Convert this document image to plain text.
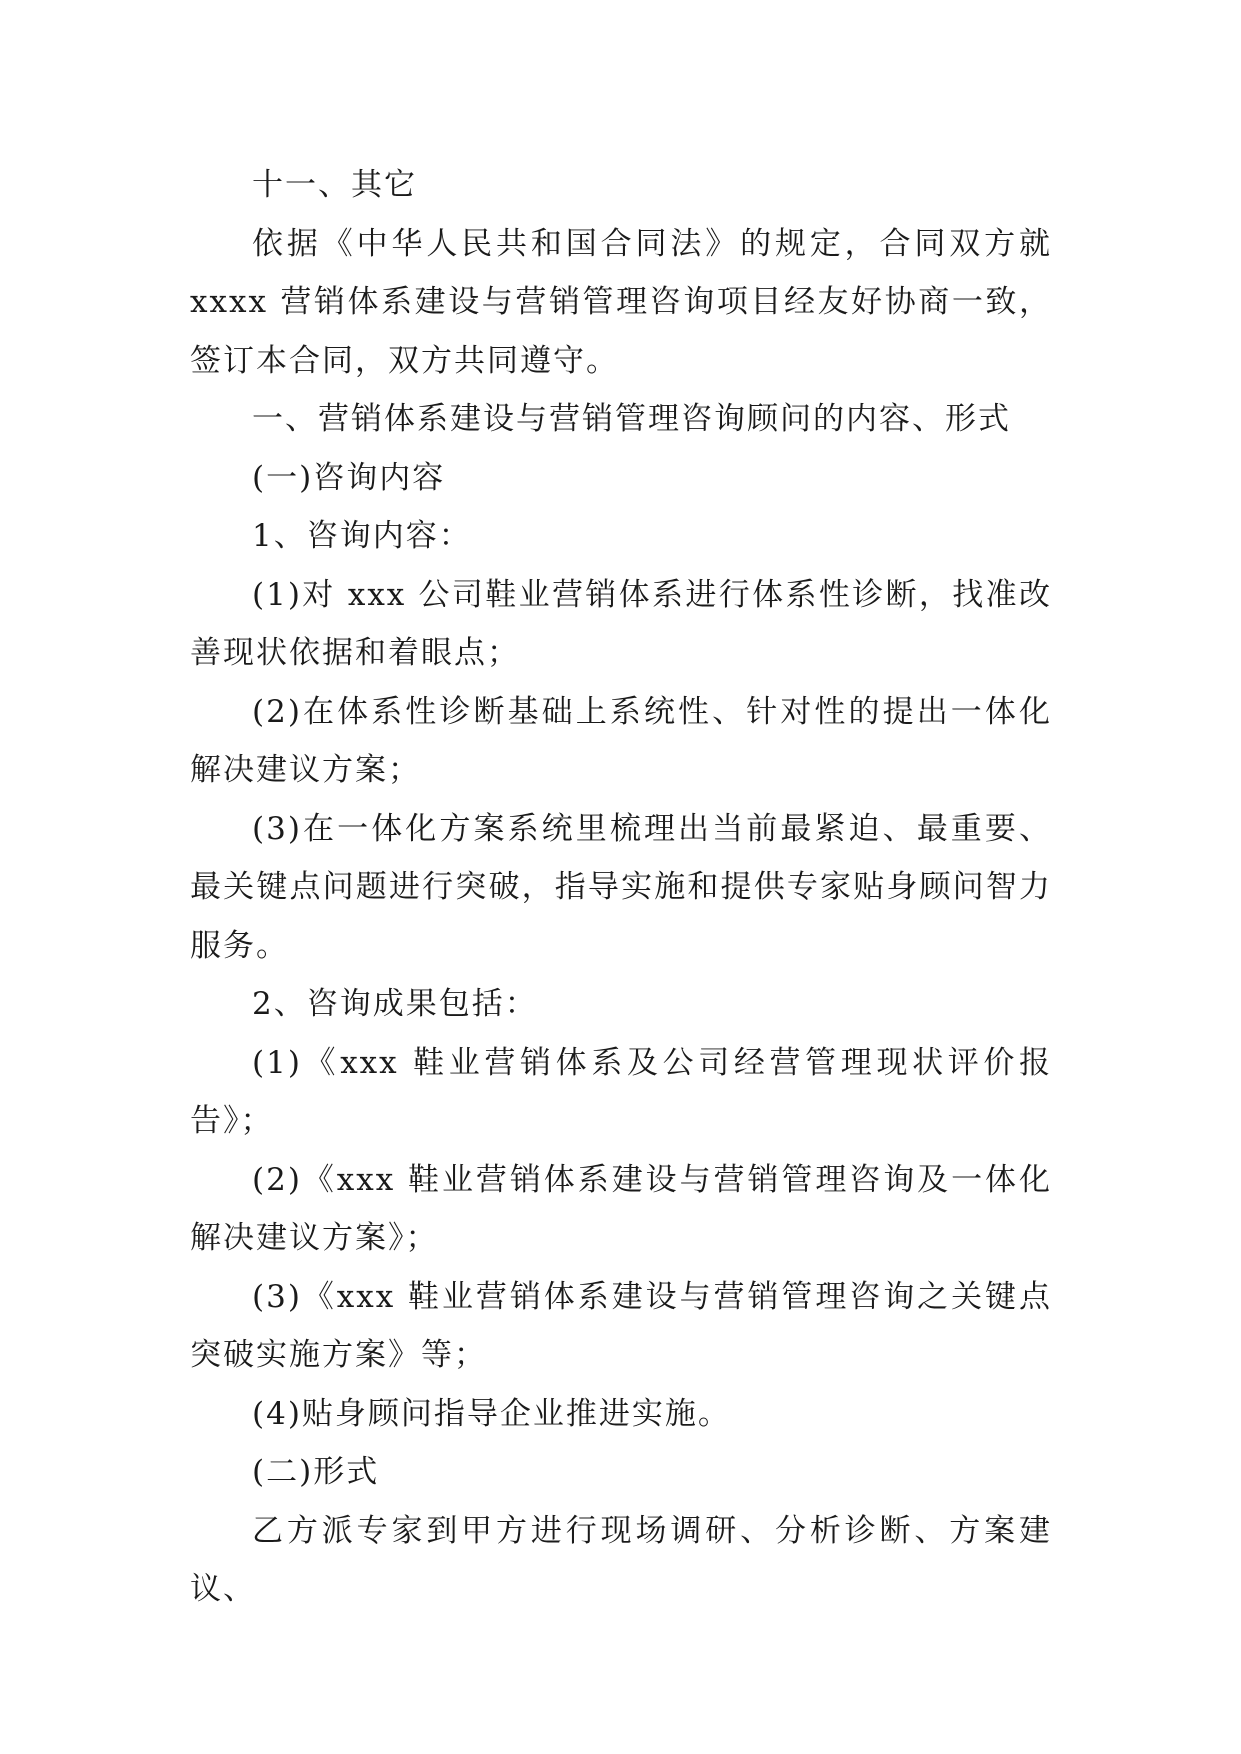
十一、其它

依据《中华人民共和国合同法》的规定，合同双方就 xxxx 营销体系建设与营销管理咨询项目经友好协商一致，签订本合同，双方共同遵守。

一、营销体系建设与营销管理咨询顾问的内容、形式

(一)咨询内容

1、咨询内容：

(1)对 xxx 公司鞋业营销体系进行体系性诊断，找准改善现状依据和着眼点；

(2)在体系性诊断基础上系统性、针对性的提出一体化解决建议方案；

(3)在一体化方案系统里梳理出当前最紧迫、最重要、最关键点问题进行突破，指导实施和提供专家贴身顾问智力服务。

2、咨询成果包括：

(1)《xxx 鞋业营销体系及公司经营管理现状评价报告》；

(2)《xxx 鞋业营销体系建设与营销管理咨询及一体化解决建议方案》；

(3)《xxx 鞋业营销体系建设与营销管理咨询之关键点突破实施方案》等；

(4)贴身顾问指导企业推进实施。

(二)形式

乙方派专家到甲方进行现场调研、分析诊断、方案建议、
